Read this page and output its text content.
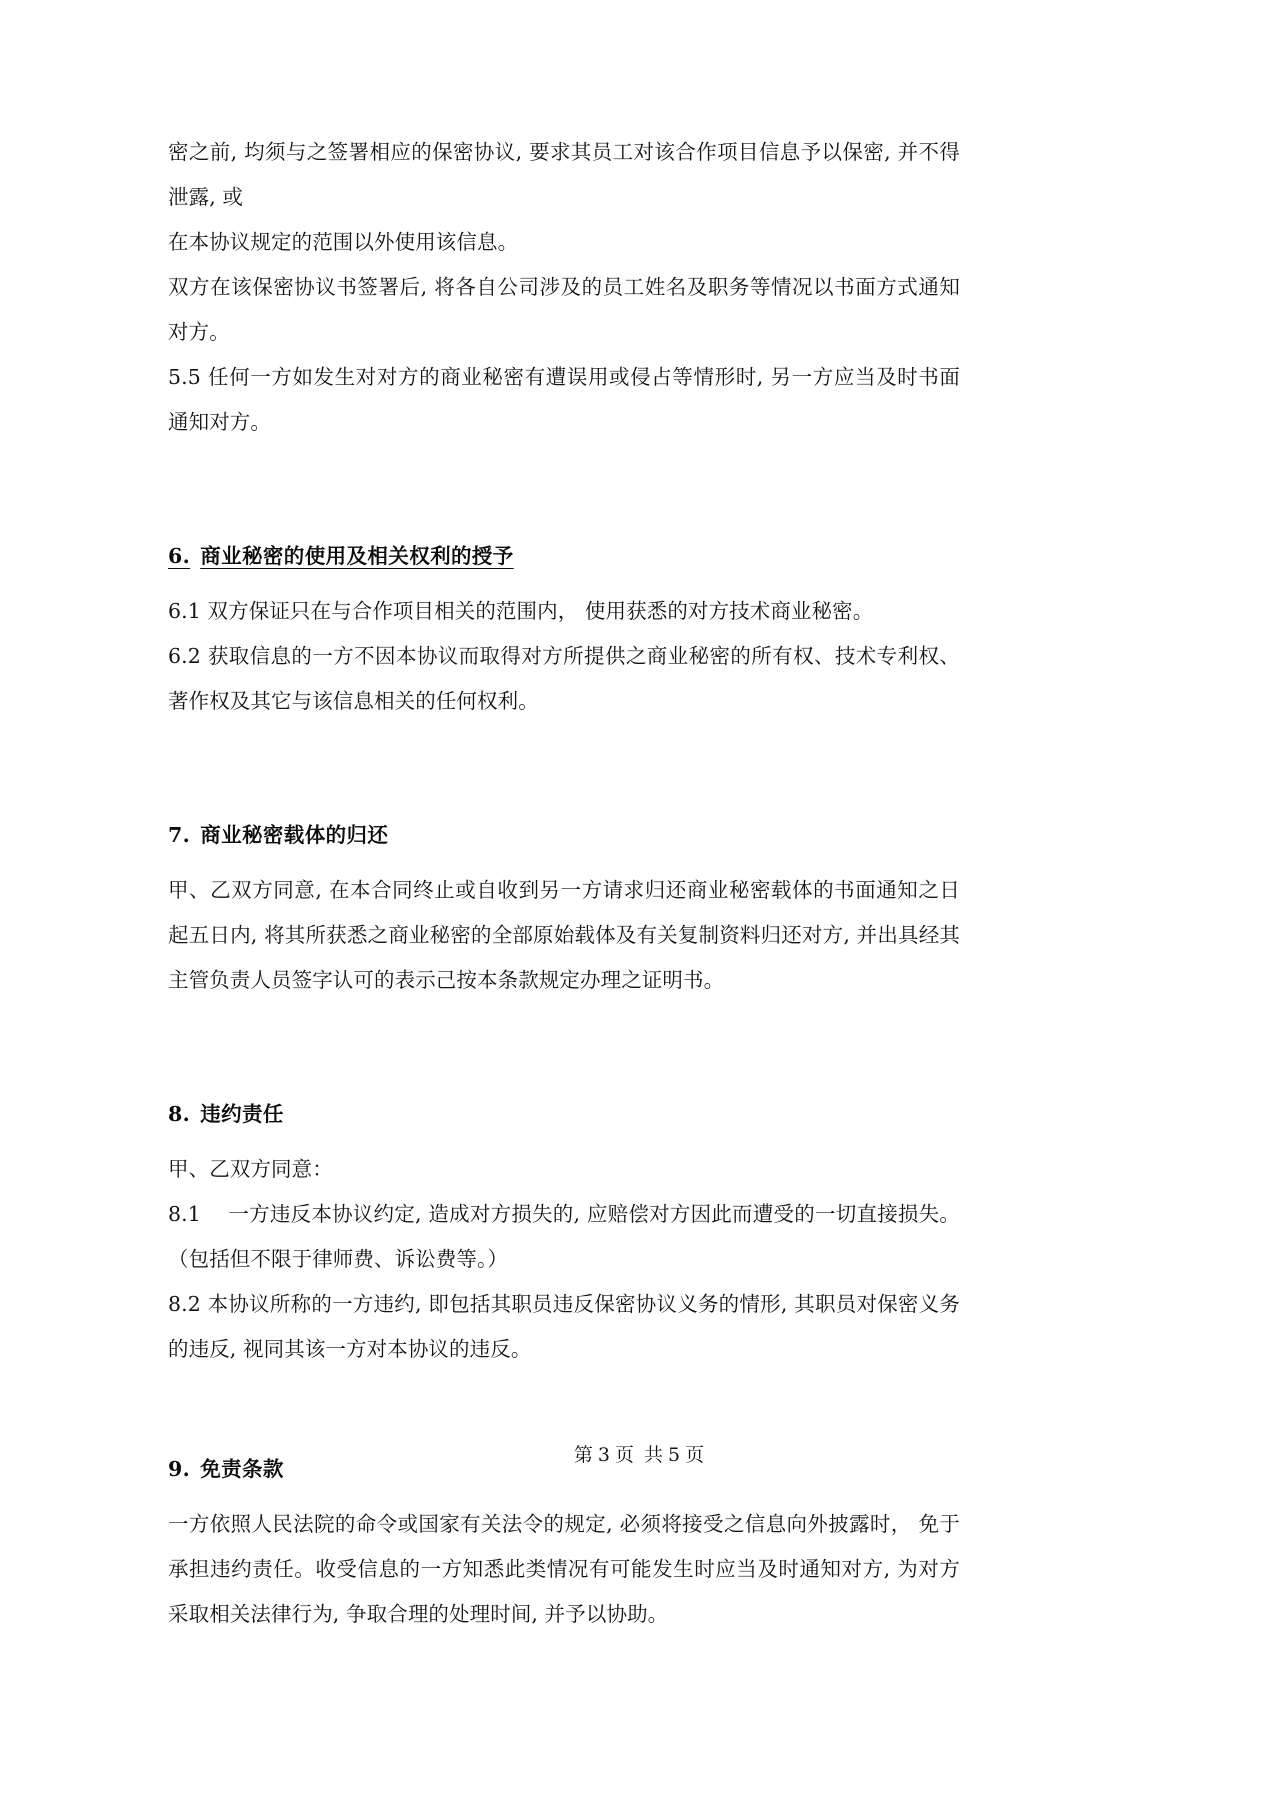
密之前, 均须与之签署相应的保密协议, 要求其员工对该合作项目信息予以保密, 并不得泄露, 或

在本协议规定的范围以外使用该信息。

双方在该保密协议书签署后, 将各自公司涉及的员工姓名及职务等情况以书面方式通知对方。

5.5 任何一方如发生对对方的商业秘密有遭误用或侵占等情形时, 另一方应当及时书面通知对方。

6. 商业秘密的使用及相关权利的授予

6.1 双方保证只在与合作项目相关的范围内， 使用获悉的对方技术商业秘密。

6.2 获取信息的一方不因本协议而取得对方所提供之商业秘密的所有权、技术专利权、著作权及其它与该信息相关的任何权利。

7. 商业秘密载体的归还

甲、乙双方同意, 在本合同终止或自收到另一方请求归还商业秘密载体的书面通知之日起五日内, 将其所获悉之商业秘密的全部原始载体及有关复制资料归还对方, 并出具经其主管负责人员签字认可的表示己按本条款规定办理之证明书。

8. 违约责任

甲、乙双方同意：

8.1 　一方违反本协议约定, 造成对方损失的, 应赔偿对方因此而遭受的一切直接损失。（包括但不限于律师费、诉讼费等。）

8.2 本协议所称的一方违约, 即包括其职员违反保密协议义务的情形, 其职员对保密义务的违反, 视同其该一方对本协议的违反。

9. 免责条款

一方依照人民法院的命令或国家有关法令的规定, 必须将接受之信息向外披露时， 免于承担违约责任。收受信息的一方知悉此类情况有可能发生时应当及时通知对方, 为对方采取相关法律行为, 争取合理的处理时间, 并予以协助。

第 3 页 共 5 页
